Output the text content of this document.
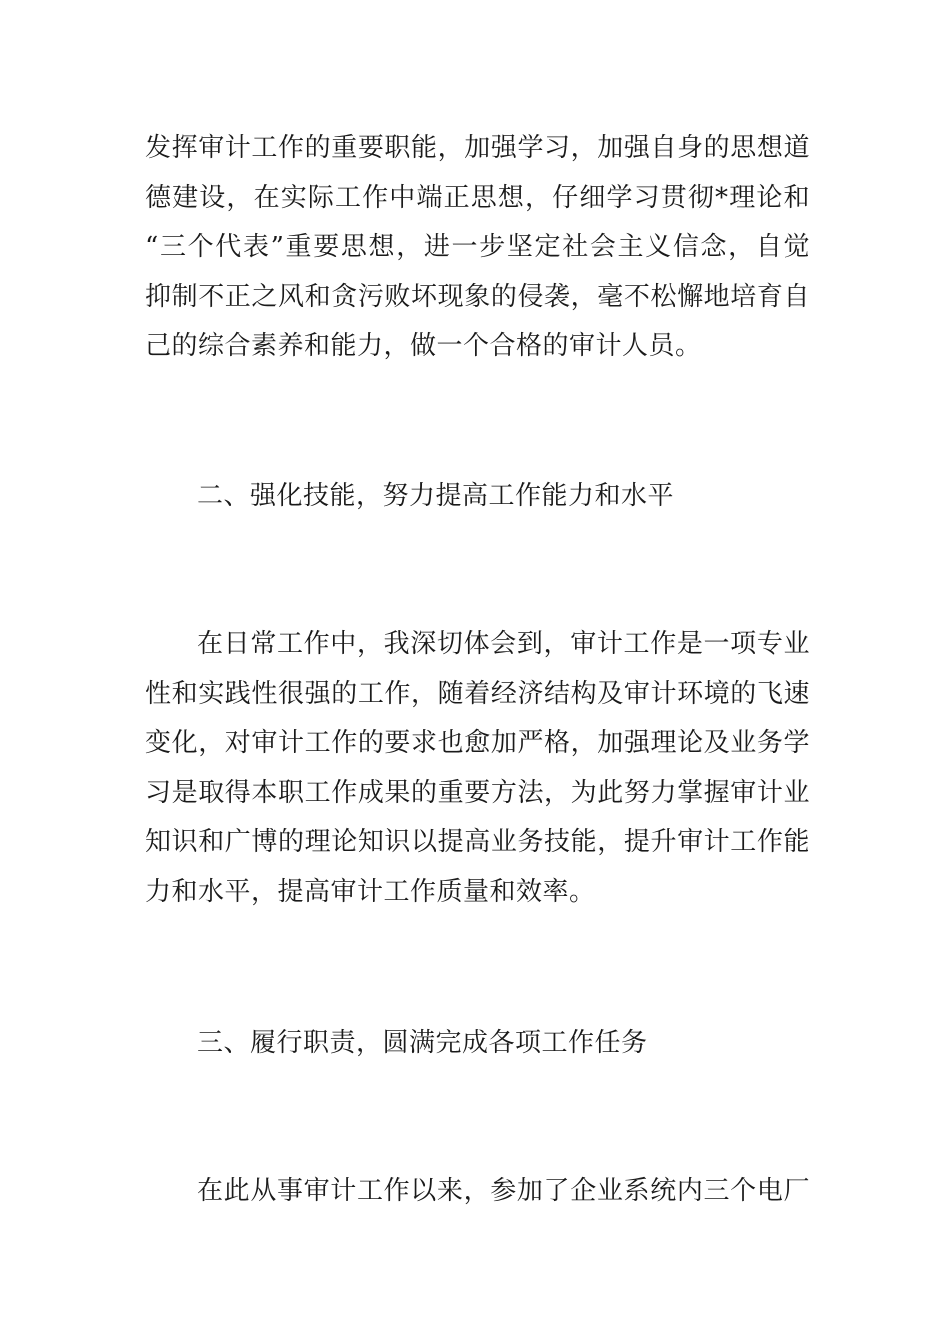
发挥审计工作的重要职能，加强学习，加强自身的思想道
德建设，在实际工作中端正思想，仔细学习贯彻*理论和
“三个代表”重要思想，进一步坚定社会主义信念，自觉
抑制不正之风和贪污败坏现象的侵袭，毫不松懈地培育自
己的综合素养和能力，做一个合格的审计人员。
二、强化技能，努力提高工作能力和水平
在日常工作中，我深切体会到，审计工作是一项专业
性和实践性很强的工作，随着经济结构及审计环境的飞速
变化，对审计工作的要求也愈加严格，加强理论及业务学
习是取得本职工作成果的重要方法，为此努力掌握审计业
知识和广博的理论知识以提高业务技能，提升审计工作能
力和水平，提高审计工作质量和效率。
三、履行职责，圆满完成各项工作任务
在此从事审计工作以来，参加了企业系统内三个电厂
